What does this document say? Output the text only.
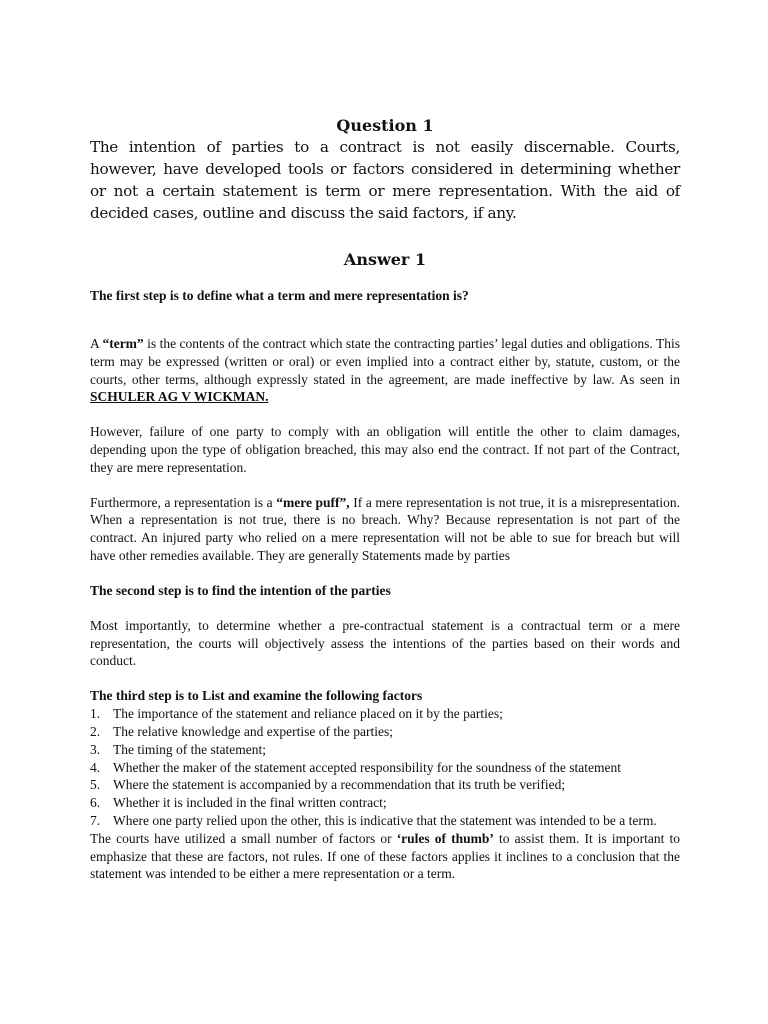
Question 1

The intention of parties to a contract is not easily discernable. Courts, however, have developed tools or factors considered in determining whether or not a certain statement is term or mere representation. With the aid of decided cases, outline and discuss the said factors, if any.

Answer 1

The first step is to define what a term and mere representation is?

A “term” is the contents of the contract which state the contracting parties’ legal duties and obligations. This term may be expressed (written or oral) or even implied into a contract either by, statute, custom, or the courts, other terms, although expressly stated in the agreement, are made ineffective by law. As seen in SCHULER AG V WICKMAN.

However, failure of one party to comply with an obligation will entitle the other to claim damages, depending upon the type of obligation breached, this may also end the contract. If not part of the Contract, they are mere representation.

Furthermore, a representation is a “mere puff”, If a mere representation is not true, it is a misrepresentation. When a representation is not true, there is no breach. Why? Because representation is not part of the contract. An injured party who relied on a mere representation will not be able to sue for breach but will have other remedies available. They are generally Statements made by parties

The second step is to find the intention of the parties

Most importantly, to determine whether a pre-contractual statement is a contractual term or a mere representation, the courts will objectively assess the intentions of the parties based on their words and conduct.

The third step is to List and examine the following factors

1. The importance of the statement and reliance placed on it by the parties;
2. The relative knowledge and expertise of the parties;
3. The timing of the statement;
4. Whether the maker of the statement accepted responsibility for the soundness of the statement
5. Where the statement is accompanied by a recommendation that its truth be verified;
6. Whether it is included in the final written contract;
7. Where one party relied upon the other, this is indicative that the statement was intended to be a term.

The courts have utilized a small number of factors or ‘rules of thumb’ to assist them. It is important to emphasize that these are factors, not rules. If one of these factors applies it inclines to a conclusion that the statement was intended to be either a mere representation or a term.
